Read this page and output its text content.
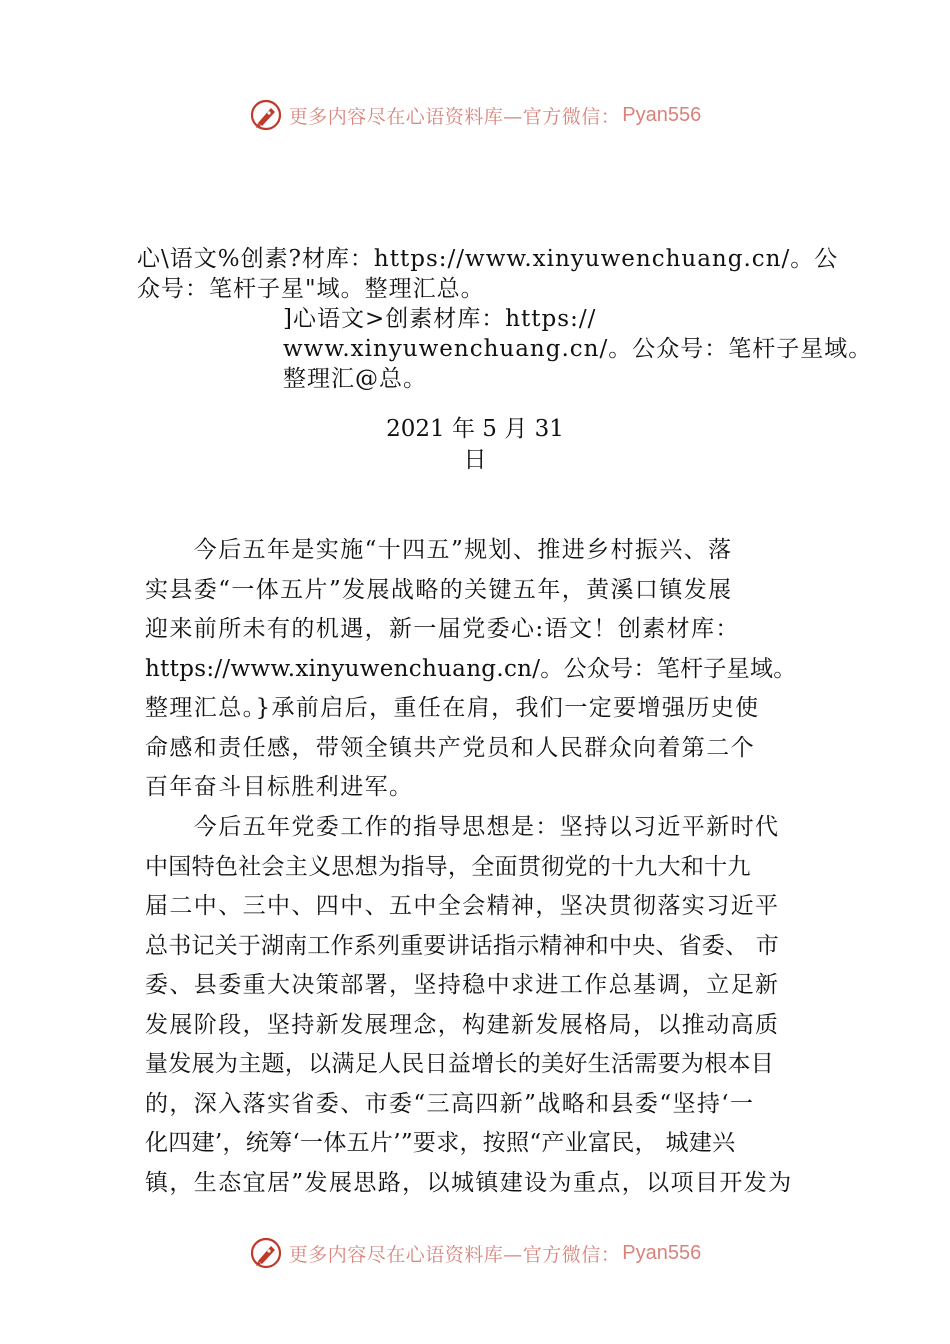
更多内容尽在心语资料库—官方微信： Pyan556
心\语文%创素?材库：https://www.xinyuwenchuang.cn/。公
众号：笔杆子星"域。整理汇总。
]心语文>创素材库：https://
www.xinyuwenchuang.cn/。公众号：笔杆子星域。
整理汇@总。
2021 年 5 月 31
日
　　今后五年是实施“十四五”规划、推进乡村振兴、落
实县委“一体五片”发展战略的关键五年，黄溪口镇发展
迎来前所未有的机遇，新一届党委心:语文！创素材库：
https://www.xinyuwenchuang.cn/。公众号：笔杆子星域。
整理汇总。}承前启后，重任在肩，我们一定要增强历史使
命感和责任感，带领全镇共产党员和人民群众向着第二个
百年奋斗目标胜利进军。
　　今后五年党委工作的指导思想是：坚持以习近平新时代
中国特色社会主义思想为指导，全面贯彻党的十九大和十九
届二中、三中、四中、五中全会精神，坚决贯彻落实习近平
总书记关于湖南工作系列重要讲话指示精神和中央、省委、 市
委、县委重大决策部署，坚持稳中求进工作总基调，立足新
发展阶段，坚持新发展理念，构建新发展格局，以推动高质
量发展为主题，以满足人民日益增长的美好生活需要为根本目
的，深入落实省委、市委“三高四新”战略和县委“坚持‘一
化四建’，统筹‘一体五片’”要求，按照“产业富民， 城建兴
镇，生态宜居”发展思路，以城镇建设为重点，以项目开发为
更多内容尽在心语资料库—官方微信： Pyan556
